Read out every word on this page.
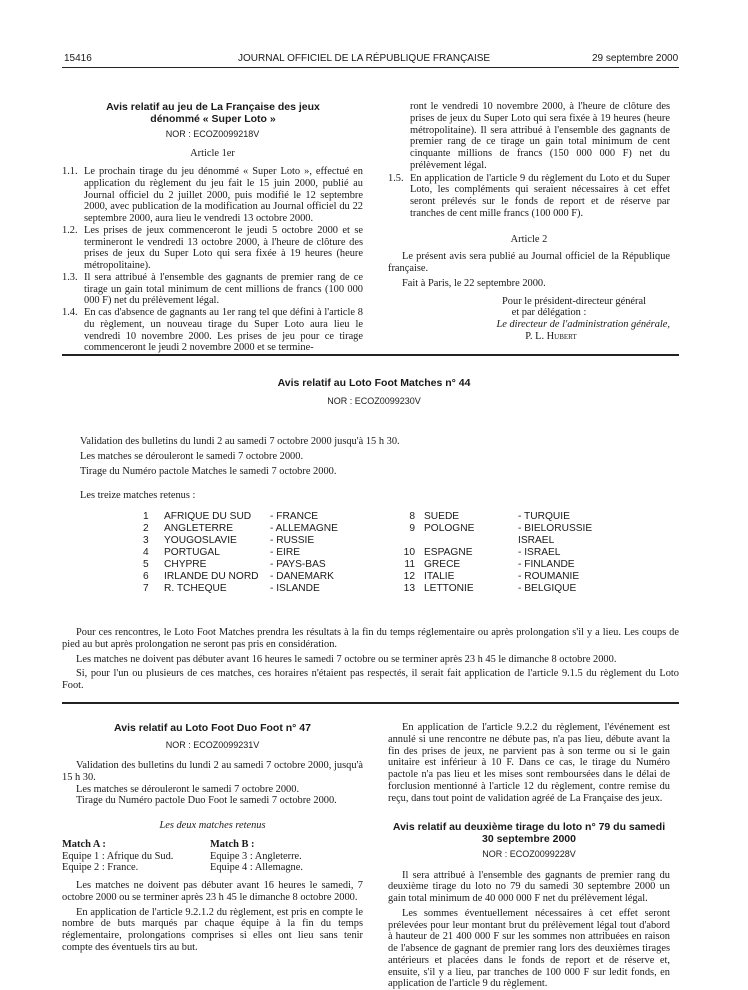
15416	JOURNAL OFFICIEL DE LA RÉPUBLIQUE FRANÇAISE	29 septembre 2000
Avis relatif au jeu de La Française des jeux dénommé « Super Loto »
NOR : ECOZ0099218V
Article 1er
1.1. Le prochain tirage du jeu dénommé « Super Loto », effectué en application du règlement du jeu fait le 15 juin 2000, publié au Journal officiel du 2 juillet 2000, puis modifié le 12 septembre 2000, avec publication de la modification au Journal officiel du 22 septembre 2000, aura lieu le vendredi 13 octobre 2000.
1.2. Les prises de jeux commenceront le jeudi 5 octobre 2000 et se termineront le vendredi 13 octobre 2000, à l'heure de clôture des prises de jeux du Super Loto qui sera fixée à 19 heures (heure métropolitaine).
1.3. Il sera attribué à l'ensemble des gagnants de premier rang de ce tirage un gain total minimum de cent millions de francs (100 000 000 F) net du prélèvement légal.
1.4. En cas d'absence de gagnants au 1er rang tel que défini à l'article 8 du règlement, un nouveau tirage du Super Loto aura lieu le vendredi 10 novembre 2000. Les prises de jeu pour ce tirage commenceront le jeudi 2 novembre 2000 et se termine-
ront le vendredi 10 novembre 2000, à l'heure de clôture des prises de jeux du Super Loto qui sera fixée à 19 heures (heure métropolitaine). Il sera attribué à l'ensemble des gagnants de premier rang de ce tirage un gain total minimum de cent cinquante millions de francs (150 000 000 F) net du prélèvement légal.
1.5. En application de l'article 9 du règlement du Loto et du Super Loto, les compléments qui seraient nécessaires à cet effet seront prélevés sur le fonds de report et de réserve par tranches de cent mille francs (100 000 F).
Article 2
Le présent avis sera publié au Journal officiel de la République française.
Fait à Paris, le 22 septembre 2000.
Pour le président-directeur général
et par délégation :
Le directeur de l'administration générale,
P. L. Hubert
Avis relatif au Loto Foot Matches n° 44
NOR : ECOZ0099230V
Validation des bulletins du lundi 2 au samedi 7 octobre 2000 jusqu'à 15 h 30.
Les matches se dérouleront le samedi 7 octobre 2000.
Tirage du Numéro pactole Matches le samedi 7 octobre 2000.
Les treize matches retenus :
1
2
3
4
5
6
7
AFRIQUE DU SUD
ANGLETERRE
YOUGOSLAVIE
PORTUGAL
CHYPRE
IRLANDE DU NORD
R. TCHEQUE
- FRANCE
- ALLEMAGNE
- RUSSIE
- EIRE
- PAYS-BAS
- DANEMARK
- ISLANDE
8
9
10
11
12
13
SUEDE
POLOGNE
ESPAGNE
GRECE
ITALIE
LETTONIE
- TURQUIE
- BIELORUSSIE
ISRAEL
- ISRAEL
- FINLANDE
- ROUMANIE
- BELGIQUE
Pour ces rencontres, le Loto Foot Matches prendra les résultats à la fin du temps réglementaire ou après prolongation s'il y a lieu. Les coups de pied au but après prolongation ne seront pas pris en considération.
Les matches ne doivent pas débuter avant 16 heures le samedi 7 octobre ou se terminer après 23 h 45 le dimanche 8 octobre 2000.
Si, pour l'un ou plusieurs de ces matches, ces horaires n'étaient pas respectés, il serait fait application de l'article 9.1.5 du règlement du Loto Foot.
Avis relatif au Loto Foot Duo Foot n° 47
NOR : ECOZ0099231V
Validation des bulletins du lundi 2 au samedi 7 octobre 2000, jusqu'à 15 h 30.
Les matches se dérouleront le samedi 7 octobre 2000.
Tirage du Numéro pactole Duo Foot le samedi 7 octobre 2000.
Les deux matches retenus
Match A :
Equipe 1 : Afrique du Sud.
Equipe 2 : France.
Match B :
Equipe 3 : Angleterre.
Equipe 4 : Allemagne.
Les matches ne doivent pas débuter avant 16 heures le samedi, 7 octobre 2000 ou se terminer après 23 h 45 le dimanche 8 octobre 2000.
En application de l'article 9.2.1.2 du règlement, est pris en compte le nombre de buts marqués par chaque équipe à la fin du temps réglementaire, prolongations comprises si elles ont lieu sans tenir compte des éventuels tirs au but.
En application de l'article 9.2.2 du règlement, l'événement est annulé si une rencontre ne débute pas, n'a pas lieu, débute avant la fin des prises de jeux, ne parvient pas à son terme ou si le gain unitaire est inférieur à 10 F. Dans ce cas, le tirage du Numéro pactole n'a pas lieu et les mises sont remboursées dans le délai de forclusion mentionné à l'article 12 du règlement, contre remise du reçu, dans tout point de validation agréé de La Française des jeux.
Avis relatif au deuxième tirage du loto n° 79 du samedi 30 septembre 2000
NOR : ECOZ0099228V
Il sera attribué à l'ensemble des gagnants de premier rang du deuxième tirage du loto no 79 du samedi 30 septembre 2000 un gain total minimum de 40 000 000 F net du prélèvement légal.
Les sommes éventuellement nécessaires à cet effet seront prélevées pour leur montant brut du prélèvement légal tout d'abord à hauteur de 21 400 000 F sur les sommes non attribuées en raison de l'absence de gagnant de premier rang lors des deuxièmes tirages antérieurs et placées dans le fonds de report et de réserve et, ensuite, s'il y a lieu, par tranches de 100 000 F sur ledit fonds, en application de l'article 9 du règlement.
